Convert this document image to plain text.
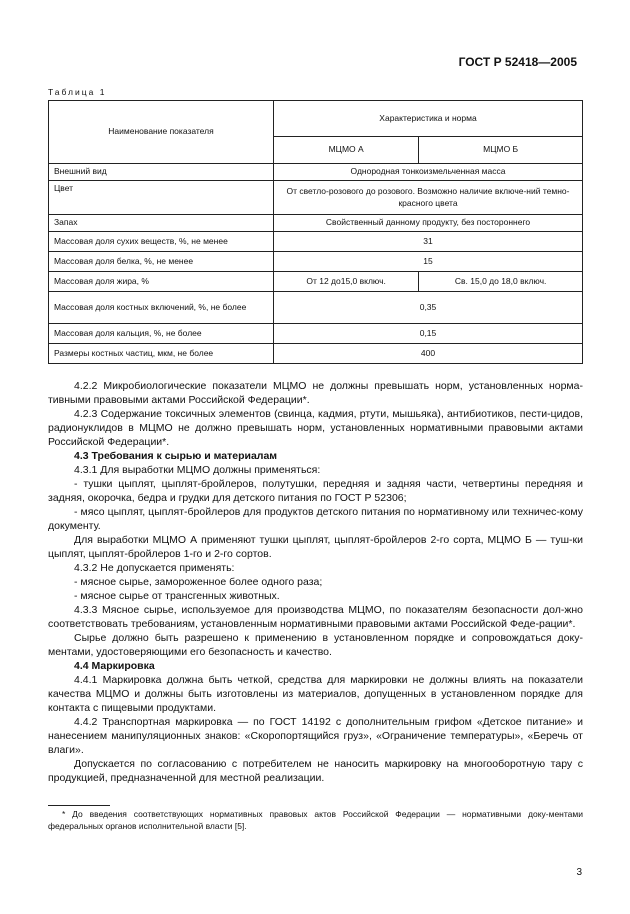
ГОСТ Р 52418—2005
Таблица 1
Наименование показателя	Характеристика и норма	
	МЦМО А	МЦМО Б
Внешний вид	Однородная тонкоизмельченная масса	
Цвет	От светло-розового до розового. Возможно наличие включе-ний темно-красного цвета	
Запах	Свойственный данному продукту, без постороннего	
Массовая доля сухих веществ, %, не менее	31	
Массовая доля белка, %, не менее	15	
Массовая доля жира, %	От 12 до15,0 включ.	Св. 15,0 до 18,0 включ.
Массовая доля костных включений, %, не более	0,35	
Массовая доля кальция, %, не более	0,15	
Размеры костных частиц, мкм, не более	400	

4.2.2 Микробиологические показатели МЦМО не должны превышать норм, установленных норма-тивными правовыми актами Российской Федерации*.

4.2.3 Содержание токсичных элементов (свинца, кадмия, ртути, мышьяка), антибиотиков, пести-цидов, радионуклидов в МЦМО не должно превышать норм, установленных нормативными правовыми актами Российской Федерации*.

4.3 Требования к сырью и материалам

4.3.1 Для выработки МЦМО должны применяться:

- тушки цыплят, цыплят-бройлеров, полутушки, передняя и задняя части, четвертины передняя и задняя, окорочка, бедра и грудки для детского питания по ГОСТ Р 52306;

- мясо цыплят, цыплят-бройлеров для продуктов детского питания по нормативному или техничес-кому документу.

Для выработки МЦМО А применяют тушки цыплят, цыплят-бройлеров 2-го сорта, МЦМО Б — туш-ки цыплят, цыплят-бройлеров 1-го и 2-го сортов.

4.3.2 Не допускается применять:

- мясное сырье, замороженное более одного раза;

- мясное сырье от трансгенных животных.

4.3.3 Мясное сырье, используемое для производства МЦМО, по показателям безопасности дол-жно соответствовать требованиям, установленным нормативными правовыми актами Российской Феде-рации*.

Сырье должно быть разрешено к применению в установленном порядке и сопровождаться доку-ментами, удостоверяющими его безопасность и качество.

4.4 Маркировка

4.4.1 Маркировка должна быть четкой, средства для маркировки не должны влиять на показатели качества МЦМО и должны быть изготовлены из материалов, допущенных в установленном порядке для контакта с пищевыми продуктами.

4.4.2 Транспортная маркировка — по ГОСТ 14192 с дополнительным грифом «Детское питание» и нанесением манипуляционных знаков: «Скоропортящийся груз», «Ограничение температуры», «Беречь от влаги».

Допускается по согласованию с потребителем не наносить маркировку на многооборотную тару с продукцией, предназначенной для местной реализации.

* До введения соответствующих нормативных правовых актов Российской Федерации — нормативными доку-ментами федеральных органов исполнительной власти [5].
3
